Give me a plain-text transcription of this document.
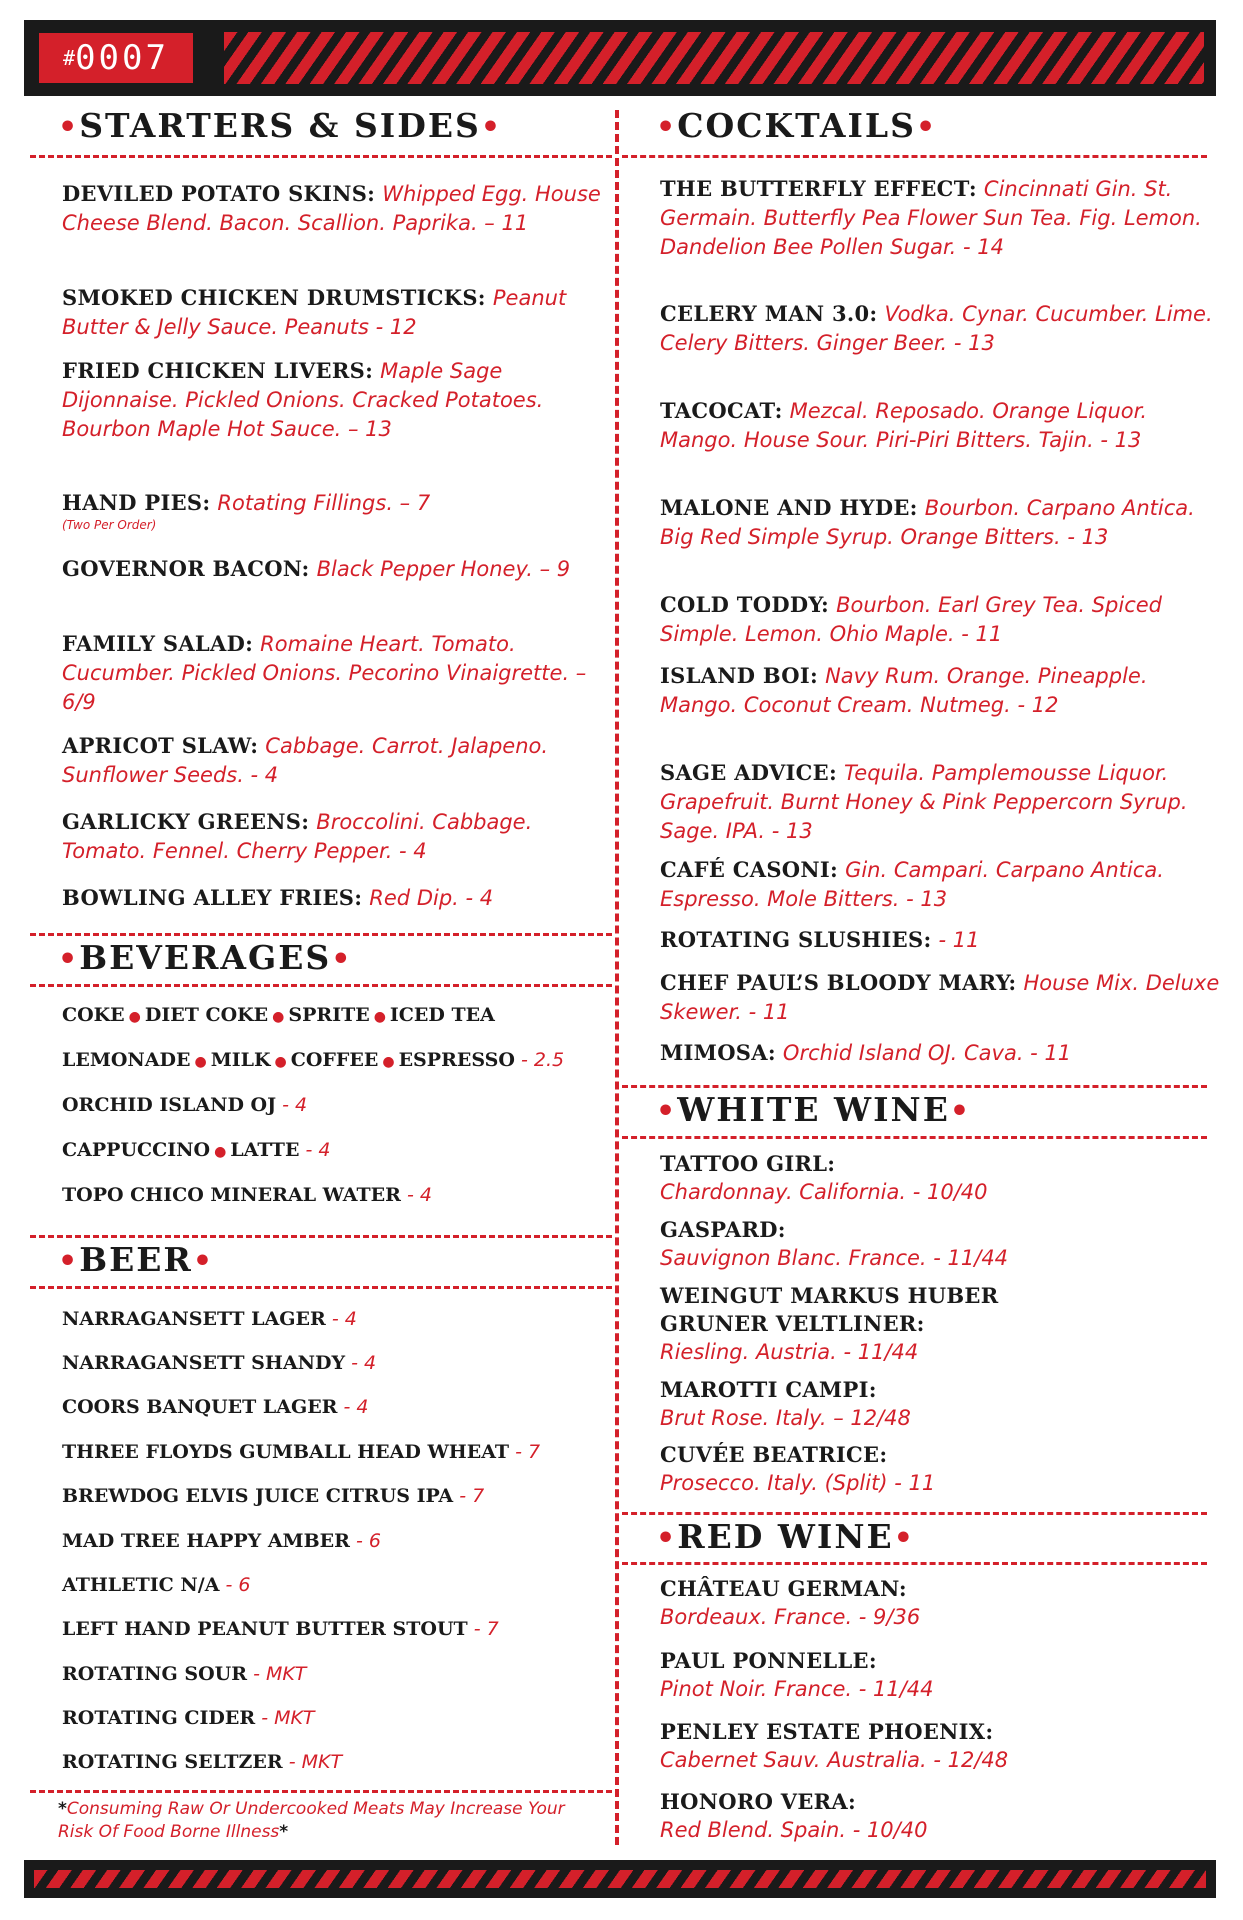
#0007
•STARTERS & SIDES•	•COCKTAILS•
DEVILED POTATO SKINS: Whipped Egg. House Cheese Blend. Bacon. Scallion. Paprika. – 11
SMOKED CHICKEN DRUMSTICKS: Peanut Butter & Jelly Sauce. Peanuts - 12
FRIED CHICKEN LIVERS: Maple Sage Dijonnaise. Pickled Onions. Cracked Potatoes. Bourbon Maple Hot Sauce. – 13
HAND PIES: Rotating Fillings. – 7
(Two Per Order)
GOVERNOR BACON: Black Pepper Honey. – 9
FAMILY SALAD: Romaine Heart. Tomato. Cucumber. Pickled Onions. Pecorino Vinaigrette. – 6/9
APRICOT SLAW: Cabbage. Carrot. Jalapeno. Sunflower Seeds. - 4
GARLICKY GREENS: Broccolini. Cabbage. Tomato. Fennel. Cherry Pepper. - 4
BOWLING ALLEY FRIES: Red Dip. - 4
•BEVERAGES•
COKE ● DIET COKE ● SPRITE ● ICED TEA
LEMONADE ● MILK ● COFFEE ● ESPRESSO - 2.5
ORCHID ISLAND OJ - 4
CAPPUCCINO ● LATTE - 4
TOPO CHICO MINERAL WATER - 4
•BEER•
NARRAGANSETT LAGER - 4
NARRAGANSETT SHANDY - 4
COORS BANQUET LAGER - 4
THREE FLOYDS GUMBALL HEAD WHEAT - 7
BREWDOG ELVIS JUICE CITRUS IPA - 7
MAD TREE HAPPY AMBER - 6
ATHLETIC N/A - 6
LEFT HAND PEANUT BUTTER STOUT - 7
ROTATING SOUR - MKT
ROTATING CIDER - MKT
ROTATING SELTZER - MKT
*Consuming Raw Or Undercooked Meats May Increase Your Risk Of Food Borne Illness*
THE BUTTERFLY EFFECT: Cincinnati Gin. St. Germain. Butterfly Pea Flower Sun Tea. Fig. Lemon. Dandelion Bee Pollen Sugar. - 14
CELERY MAN 3.0: Vodka. Cynar. Cucumber. Lime. Celery Bitters. Ginger Beer. - 13
TACOCAT: Mezcal. Reposado. Orange Liquor. Mango. House Sour. Piri-Piri Bitters. Tajin. - 13
MALONE AND HYDE: Bourbon. Carpano Antica. Big Red Simple Syrup. Orange Bitters. - 13
COLD TODDY: Bourbon. Earl Grey Tea. Spiced Simple. Lemon. Ohio Maple. - 11
ISLAND BOI: Navy Rum. Orange. Pineapple. Mango. Coconut Cream. Nutmeg. - 12
SAGE ADVICE: Tequila. Pamplemousse Liquor. Grapefruit. Burnt Honey & Pink Peppercorn Syrup. Sage. IPA. - 13
CAFÉ CASONI: Gin. Campari. Carpano Antica. Espresso. Mole Bitters. - 13
ROTATING SLUSHIES: - 11
CHEF PAUL’S BLOODY MARY: House Mix. Deluxe Skewer. - 11
MIMOSA: Orchid Island OJ. Cava. - 11
•WHITE WINE•
TATTOO GIRL:
Chardonnay. California. - 10/40
GASPARD:
Sauvignon Blanc. France. - 11/44
WEINGUT MARKUS HUBER GRUNER VELTLINER:
Riesling. Austria. - 11/44
MAROTTI CAMPI:
Brut Rose. Italy. – 12/48
CUVÉE BEATRICE:
Prosecco. Italy. (Split) - 11
•RED WINE•
CHÂTEAU GERMAN:
Bordeaux. France. - 9/36
PAUL PONNELLE:
Pinot Noir. France. - 11/44
PENLEY ESTATE PHOENIX:
Cabernet Sauv. Australia. - 12/48
HONORO VERA:
Red Blend. Spain. - 10/40
